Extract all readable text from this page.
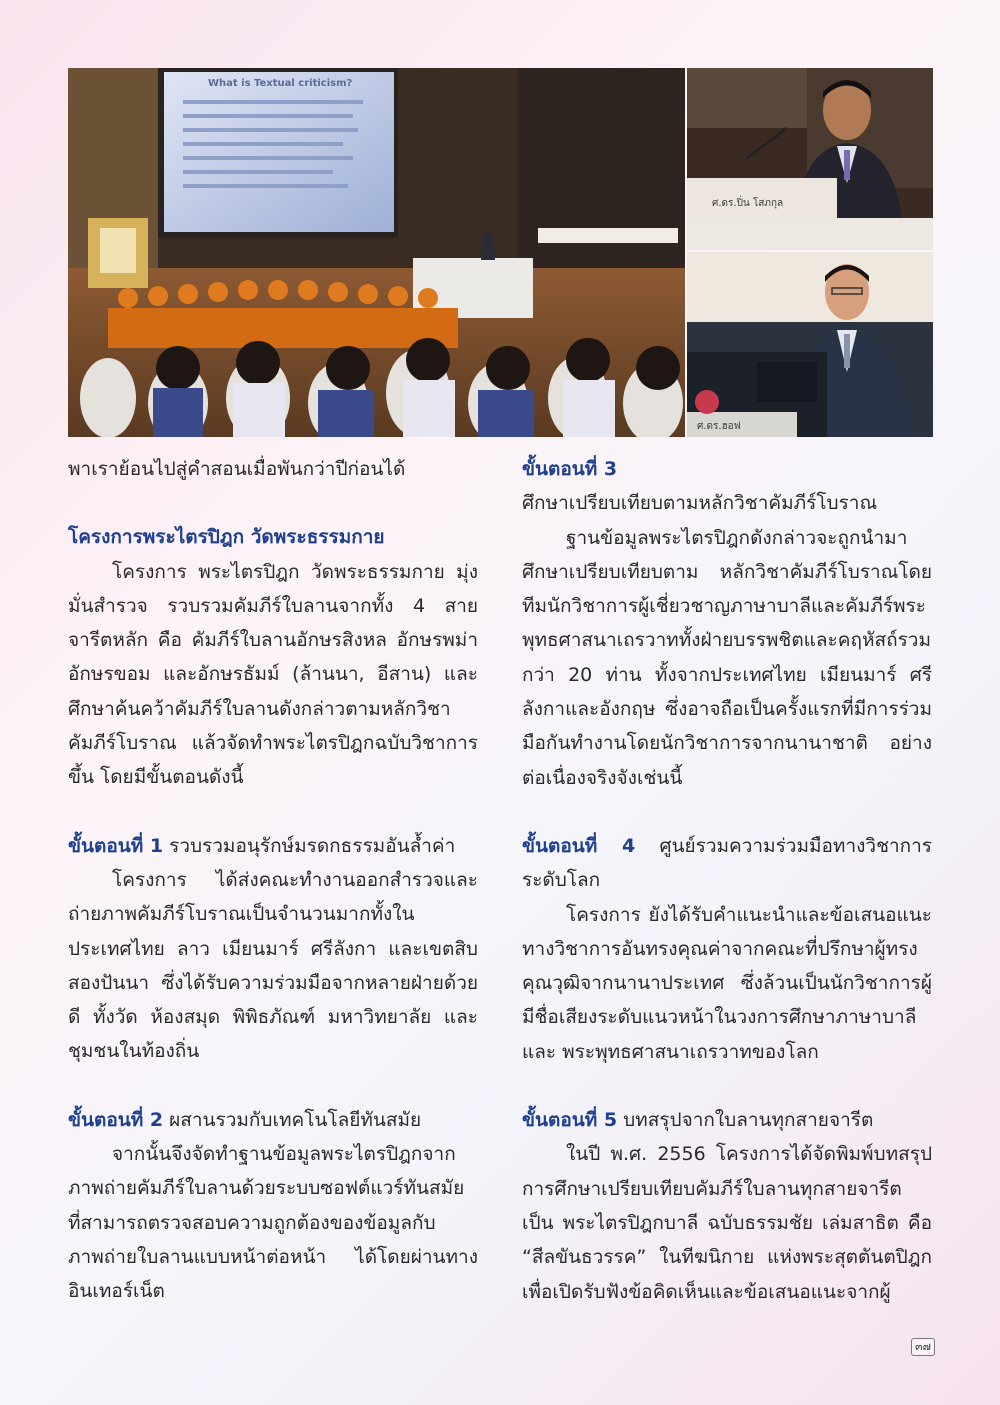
What is Textual criticism?
ศ.ดร.ปิ่น โสภกุล
ศ.ดร.ฮอฟ

พาเราย้อนไปสู่คำสอนเมื่อพันกว่าปีก่อนได้

โครงการพระไตรปิฎก วัดพระธรรมกาย

โครงการ พระไตรปิฎก วัดพระธรรมกาย มุ่งมั่นสำรวจ รวบรวมคัมภีร์ใบลานจากทั้ง 4 สายจารีตหลัก คือ คัมภีร์ใบลานอักษรสิงหล อักษรพม่า อักษรขอม และอักษรธัมม์ (ล้านนา, อีสาน) และศึกษาค้นคว้าคัมภีร์ใบลานดังกล่าวตามหลักวิชาคัมภีร์โบราณ แล้วจัดทำพระไตรปิฎกฉบับวิชาการขึ้น โดยมีขั้นตอนดังนี้

ขั้นตอนที่ 1 รวบรวมอนุรักษ์มรดกธรรมอันล้ำค่า

โครงการ ได้ส่งคณะทำงานออกสำรวจและถ่ายภาพคัมภีร์โบราณเป็นจำนวนมากทั้งในประเทศไทย ลาว เมียนมาร์ ศรีลังกา และเขตสิบสองปันนา ซึ่งได้รับความร่วมมือจากหลายฝ่ายด้วยดี ทั้งวัด ห้องสมุด พิพิธภัณฑ์ มหาวิทยาลัย และชุมชนในท้องถิ่น

ขั้นตอนที่ 2 ผสานรวมกับเทคโนโลยีทันสมัย

จากนั้นจึงจัดทำฐานข้อมูลพระไตรปิฎกจากภาพถ่ายคัมภีร์ใบลานด้วยระบบซอฟต์แวร์ทันสมัย ที่สามารถตรวจสอบความถูกต้องของข้อมูลกับภาพถ่ายใบลานแบบหน้าต่อหน้า ได้โดยผ่านทางอินเทอร์เน็ต

ขั้นตอนที่ 3

ศึกษาเปรียบเทียบตามหลักวิชาคัมภีร์โบราณ

ฐานข้อมูลพระไตรปิฎกดังกล่าวจะถูกนำมาศึกษาเปรียบเทียบตาม หลักวิชาคัมภีร์โบราณโดยทีมนักวิชาการผู้เชี่ยวชาญภาษาบาลีและคัมภีร์พระ พุทธศาสนาเถรวาททั้งฝ่ายบรรพชิตและคฤหัสถ์รวมกว่า 20 ท่าน ทั้งจากประเทศไทย เมียนมาร์ ศรีลังกาและอังกฤษ ซึ่งอาจถือเป็นครั้งแรกที่มีการร่วมมือกันทำงานโดยนักวิชาการจากนานาชาติ อย่างต่อเนื่องจริงจังเช่นนี้

ขั้นตอนที่ 4 ศูนย์รวมความร่วมมือทางวิชาการระดับโลก

โครงการ ยังได้รับคำแนะนำและข้อเสนอแนะทางวิชาการอันทรงคุณค่าจากคณะที่ปรึกษาผู้ทรงคุณวุฒิจากนานาประเทศ ซึ่งล้วนเป็นนักวิชาการผู้มีชื่อเสียงระดับแนวหน้าในวงการศึกษาภาษาบาลีและ พระพุทธศาสนาเถรวาทของโลก

ขั้นตอนที่ 5 บทสรุปจากใบลานทุกสายจารีต

ในปี พ.ศ. 2556 โครงการได้จัดพิมพ์บทสรุปการศึกษาเปรียบเทียบคัมภีร์ใบลานทุกสายจารีตเป็น พระไตรปิฎกบาลี ฉบับธรรมชัย เล่มสาธิต คือ “สีลขันธวรรค” ในทีฆนิกาย แห่งพระสุตตันตปิฎก เพื่อเปิดรับฟังข้อคิดเห็นและข้อเสนอแนะจากผู้

๓๗
